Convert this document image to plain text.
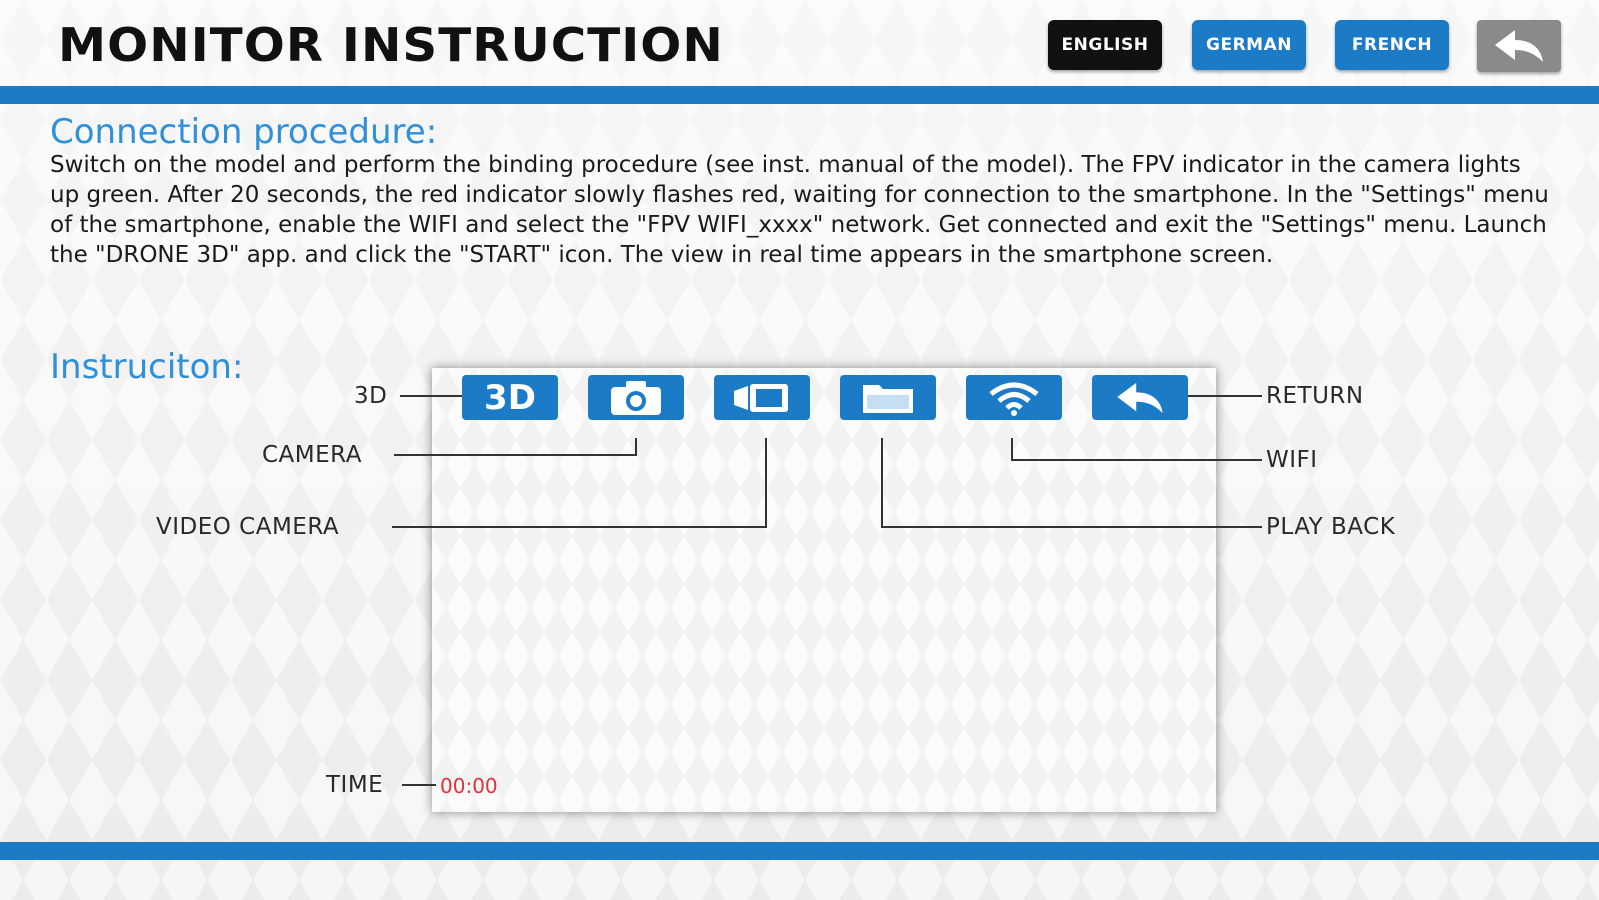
MONITOR INSTRUCTION	ENGLISH	GERMAN	FRENCH
Connection procedure:

Switch on the model and perform the binding procedure (see inst. manual of the model). The FPV indicator in the camera lights up green. After 20 seconds, the red indicator slowly flashes red, waiting for connection to the smartphone. In the "Settings" menu of the smartphone, enable the WIFI and select the "FPV WIFI_xxxx" network. Get connected and exit the "Settings" menu. Launch the "DRONE 3D" app. and click the "START" icon. The view in real time appears in the smartphone screen.

Instruciton:
3D
3D
CAMERA
VIDEO CAMERA
TIME
RETURN
WIFI
PLAY BACK
00:00
